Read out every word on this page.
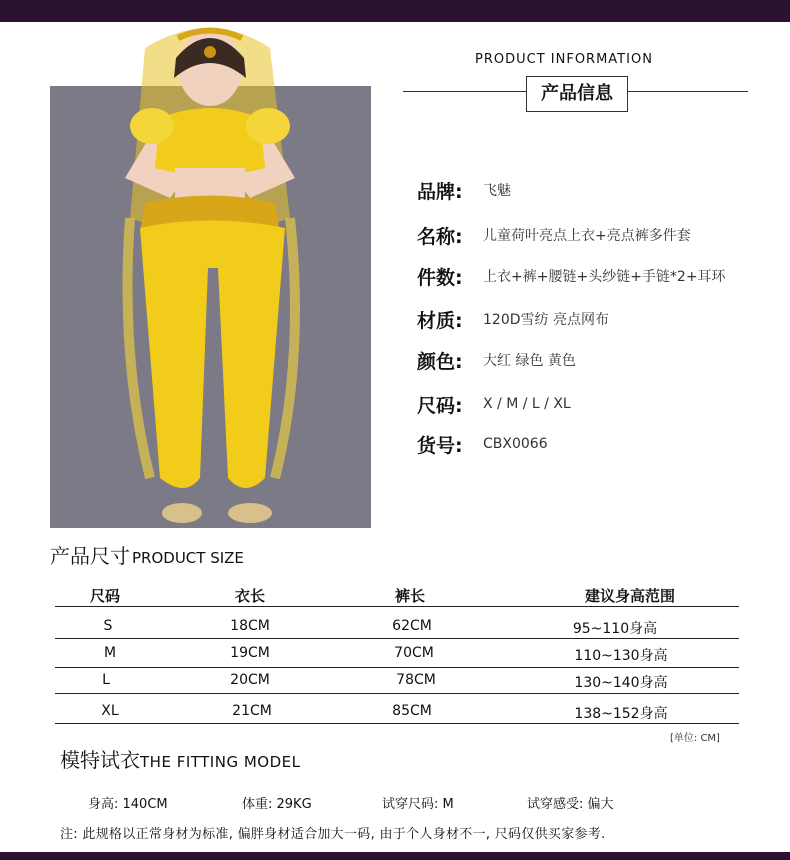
PRODUCT INFORMATION
产品信息
品牌:	飞魅
名称:	儿童荷叶亮点上衣+亮点裤多件套
件数:	上衣+裤+腰链+头纱链+手链*2+耳环
材质:	120D雪纺 亮点网布
颜色:	大红 绿色 黄色
尺码:	X / M / L / XL
货号:	CBX0066
产品尺寸 PRODUCT SIZE
尺码	衣长	裤长	建议身高范围
S	18CM	62CM	95~110身高
M	19CM	70CM	110~130身高
L	20CM	78CM	130~140身高
XL	21CM	85CM	138~152身高
[单位: CM]
模特试衣THE FITTING MODEL
身高: 140CM	体重: 29KG	试穿尺码: M	试穿感受: 偏大
注: 此规格以正常身材为标准, 偏胖身材适合加大一码, 由于个人身材不一, 尺码仅供买家参考.
